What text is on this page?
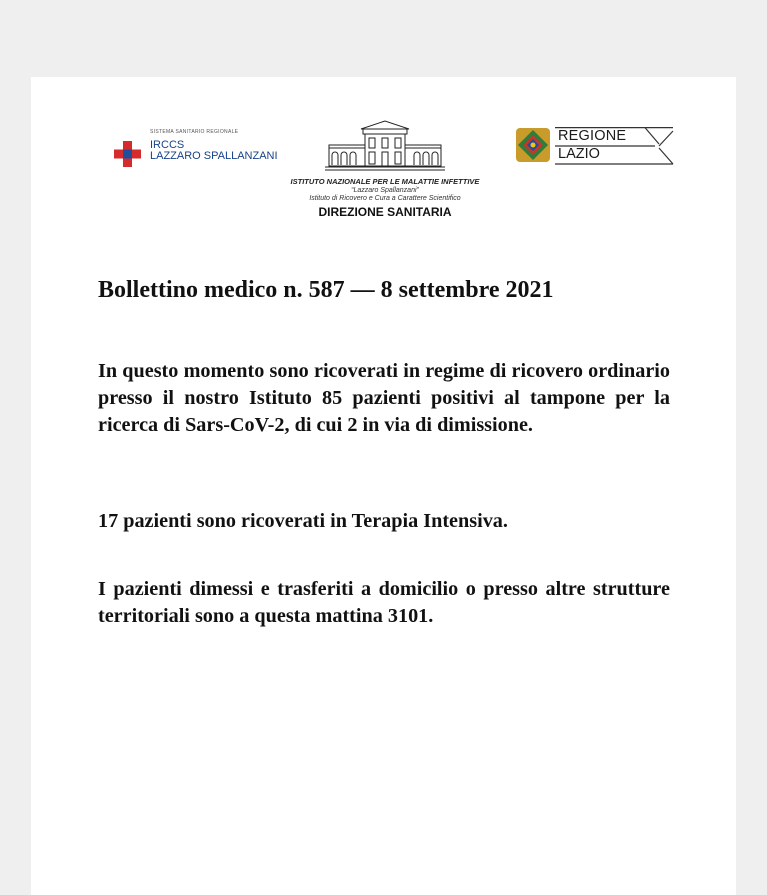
SISTEMA SANITARIO REGIONALE
IRCCS
LAZZARO SPALLANZANI
ISTITUTO NAZIONALE PER LE MALATTIE INFETTIVE
“Lazzaro Spallanzani”
Istituto di Ricovero e Cura a Carattere Scientifico
DIREZIONE SANITARIA
REGIONE
LAZIO
Bollettino medico n. 587 — 8 settembre 2021
In questo momento sono ricoverati in regime di ricovero ordinario presso il nostro Istituto 85 pazienti positivi al tampone per la ricerca di Sars-CoV-2, di cui 2 in via di dimissione.
17 pazienti sono ricoverati in Terapia Intensiva.
I pazienti dimessi e trasferiti a domicilio o presso altre strutture territoriali sono a questa mattina 3101.
